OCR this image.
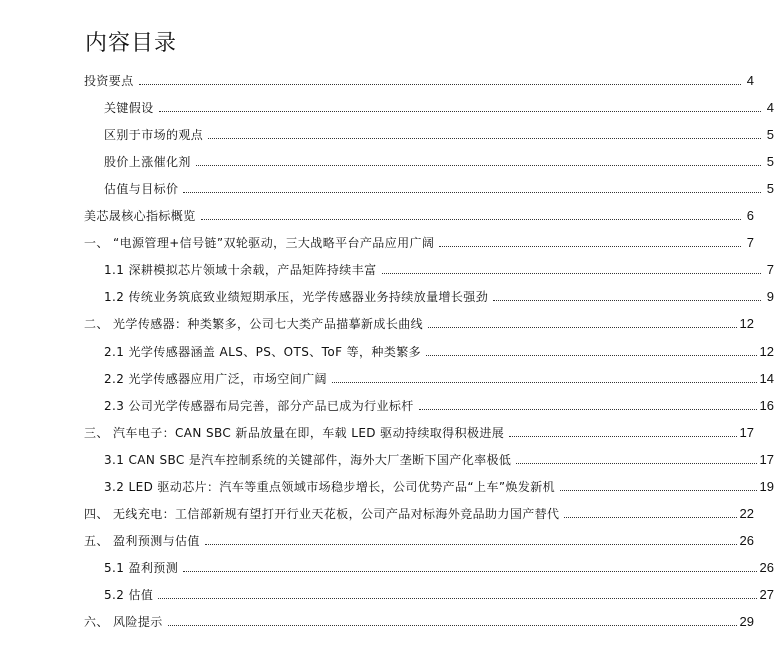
内容目录
投资要点	4
关键假设	4
区别于市场的观点	5
股价上涨催化剂	5
估值与目标价	5
美芯晟核心指标概览	6
一、 “电源管理+信号链”双轮驱动，三大战略平台产品应用广阔	7
1.1 深耕模拟芯片领域十余载，产品矩阵持续丰富	7
1.2 传统业务筑底致业绩短期承压，光学传感器业务持续放量增长强劲	9
二、 光学传感器：种类繁多，公司七大类产品描摹新成长曲线	12
2.1 光学传感器涵盖 ALS、PS、OTS、ToF 等，种类繁多	12
2.2 光学传感器应用广泛，市场空间广阔	14
2.3 公司光学传感器布局完善，部分产品已成为行业标杆	16
三、 汽车电子：CAN SBC 新品放量在即，车载 LED 驱动持续取得积极进展	17
3.1 CAN SBC 是汽车控制系统的关键部件，海外大厂垄断下国产化率极低	17
3.2 LED 驱动芯片：汽车等重点领域市场稳步增长，公司优势产品“上车”焕发新机	19
四、 无线充电：工信部新规有望打开行业天花板，公司产品对标海外竞品助力国产替代	22
五、 盈利预测与估值	26
5.1 盈利预测	26
5.2 估值	27
六、 风险提示	29
